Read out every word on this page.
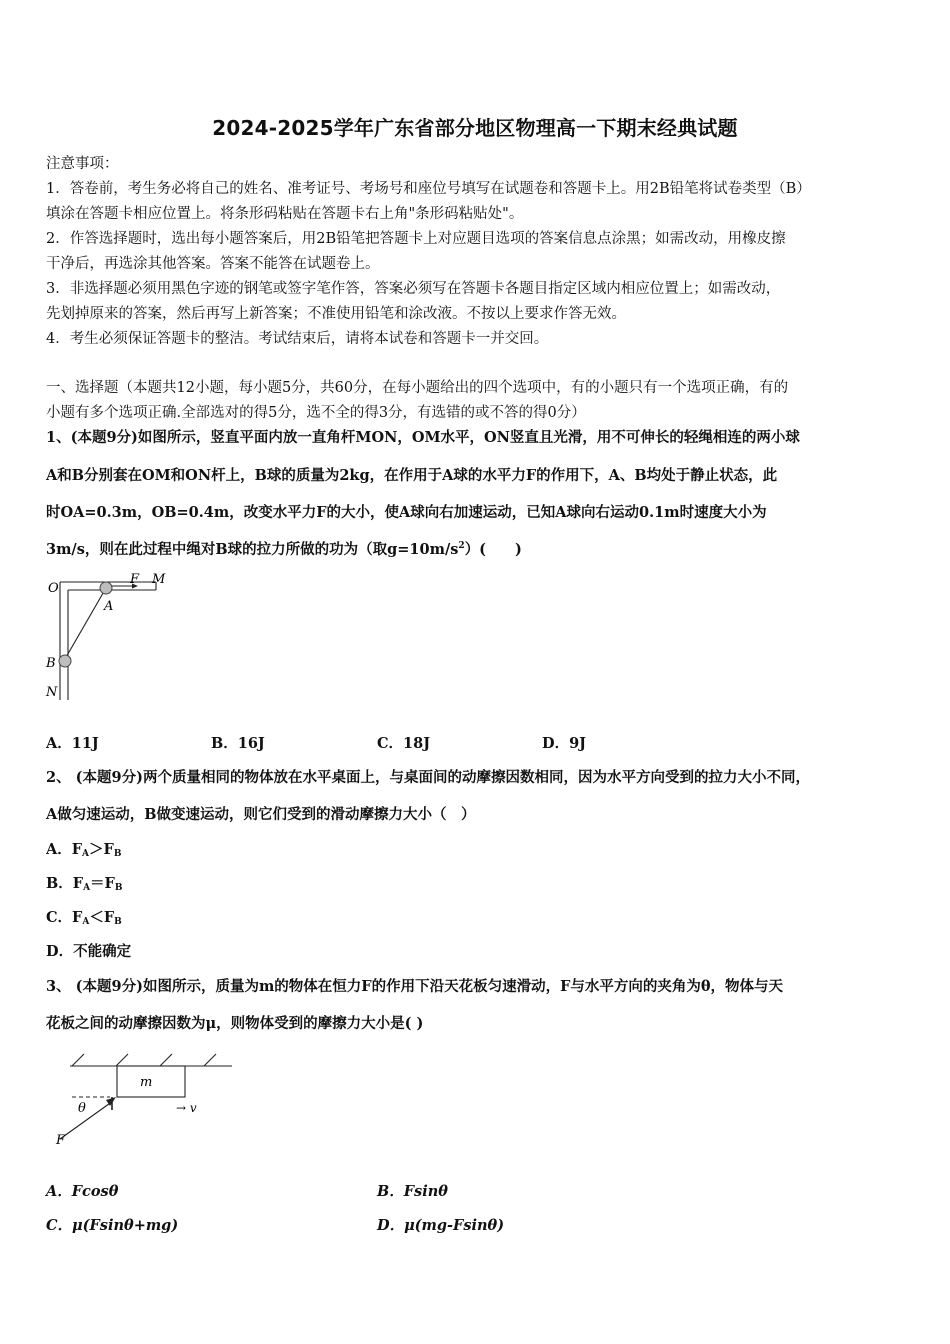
2024-2025学年广东省部分地区物理高一下期末经典试题
注意事项：
1．答卷前，考生务必将自己的姓名、准考证号、考场号和座位号填写在试题卷和答题卡上。用2B铅笔将试卷类型（B）
填涂在答题卡相应位置上。将条形码粘贴在答题卡右上角"条形码粘贴处"。
2．作答选择题时，选出每小题答案后，用2B铅笔把答题卡上对应题目选项的答案信息点涂黑；如需改动，用橡皮擦
干净后，再选涂其他答案。答案不能答在试题卷上。
3．非选择题必须用黑色字迹的钢笔或签字笔作答，答案必须写在答题卡各题目指定区域内相应位置上；如需改动，
先划掉原来的答案，然后再写上新答案；不准使用铅笔和涂改液。不按以上要求作答无效。
4．考生必须保证答题卡的整洁。考试结束后，请将本试卷和答题卡一并交回。
一、选择题（本题共12小题，每小题5分，共60分，在每小题给出的四个选项中，有的小题只有一个选项正确，有的
小题有多个选项正确.全部选对的得5分，选不全的得3分，有选错的或不答的得0分）
1、(本题9分)如图所示，竖直平面内放一直角杆MON，OM水平，ON竖直且光滑，用不可伸长的轻绳相连的两小球
A和B分别套在OM和ON杆上，B球的质量为2kg，在作用于A球的水平力F的作用下，A、B均处于静止状态，此
时OA=0.3m，OB=0.4m，改变水平力F的大小，使A球向右加速运动，已知A球向右运动0.1m时速度大小为
3m/s，则在此过程中绳对B球的拉力所做的功为（取$g=10m/s^2$）(　　)
O
F M
A
B
N
A．11J	B．16J	C．18J	D．9J
2、 (本题9分)两个质量相同的物体放在水平桌面上，与桌面间的动摩擦因数相同，因为水平方向受到的拉力大小不同，
A做匀速运动，B做变速运动，则它们受到的滑动摩擦力大小（　）
A．$F_A>F_B$
B．$F_A=F_B$
C．$F_A<F_B$
D．不能确定
3、 (本题9分)如图所示，质量为m的物体在恒力F的作用下沿天花板匀速滑动，F与水平方向的夹角为θ，物体与天
花板之间的动摩擦因数为μ，则物体受到的摩擦力大小是( )
m
θ	→ v
F
A．Fcosθ	B．Fsinθ
C．μ(Fsinθ+mg)	D．μ(mg-Fsinθ)
